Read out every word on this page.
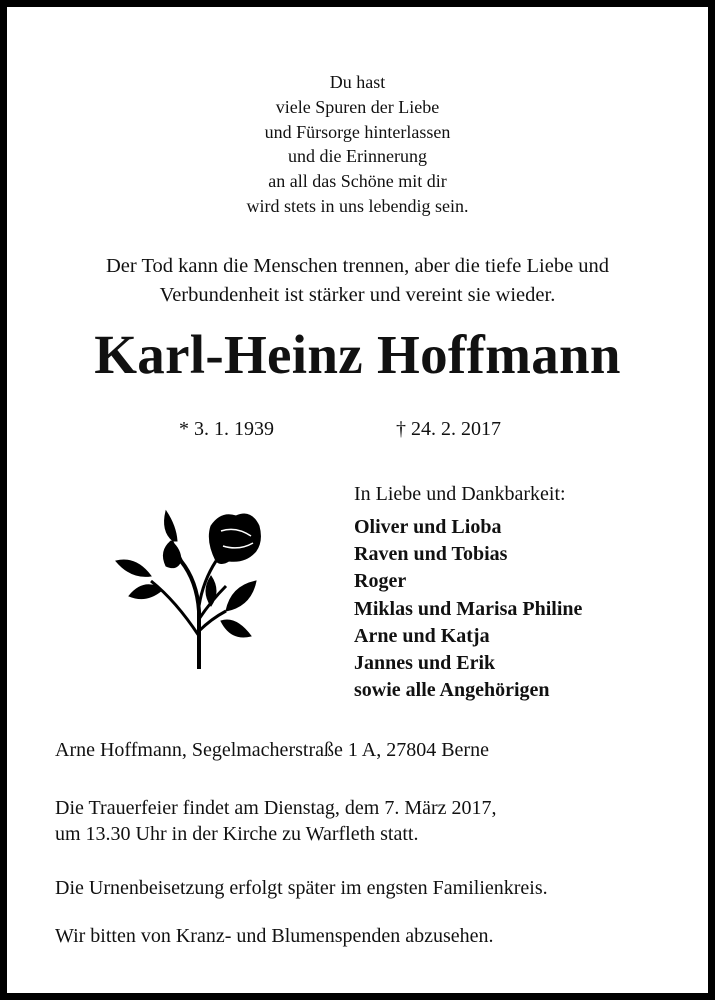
Du hast
viele Spuren der Liebe
und Fürsorge hinterlassen
und die Erinnerung
an all das Schöne mit dir
wird stets in uns lebendig sein.
Der Tod kann die Menschen trennen, aber die tiefe Liebe und
Verbundenheit ist stärker und vereint sie wieder.
Karl-Heinz Hoffmann
* 3. 1. 1939	† 24. 2. 2017
In Liebe und Dankbarkeit:
Oliver und Lioba
Raven und Tobias
Roger
Miklas und Marisa Philine
Arne und Katja
Jannes und Erik
sowie alle Angehörigen
Arne Hoffmann, Segelmacherstraße 1 A, 27804 Berne
Die Trauerfeier findet am Dienstag, dem 7. März 2017,
um 13.30 Uhr in der Kirche zu Warfleth statt.
Die Urnenbeisetzung erfolgt später im engsten Familienkreis.
Wir bitten von Kranz- und Blumenspenden abzusehen.
